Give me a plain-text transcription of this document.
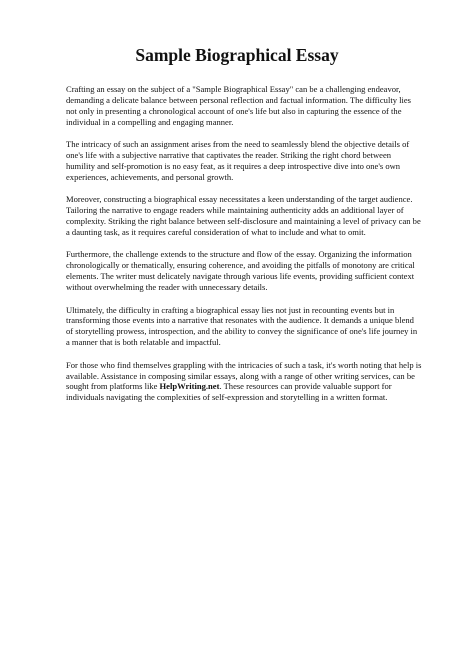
Sample Biographical Essay

Crafting an essay on the subject of a "Sample Biographical Essay" can be a challenging endeavor, demanding a delicate balance between personal reflection and factual information. The difficulty lies not only in presenting a chronological account of one's life but also in capturing the essence of the individual in a compelling and engaging manner.

The intricacy of such an assignment arises from the need to seamlessly blend the objective details of one's life with a subjective narrative that captivates the reader. Striking the right chord between humility and self-promotion is no easy feat, as it requires a deep introspective dive into one's own experiences, achievements, and personal growth.

Moreover, constructing a biographical essay necessitates a keen understanding of the target audience. Tailoring the narrative to engage readers while maintaining authenticity adds an additional layer of complexity. Striking the right balance between self-disclosure and maintaining a level of privacy can be a daunting task, as it requires careful consideration of what to include and what to omit.

Furthermore, the challenge extends to the structure and flow of the essay. Organizing the information chronologically or thematically, ensuring coherence, and avoiding the pitfalls of monotony are critical elements. The writer must delicately navigate through various life events, providing sufficient context without overwhelming the reader with unnecessary details.

Ultimately, the difficulty in crafting a biographical essay lies not just in recounting events but in transforming those events into a narrative that resonates with the audience. It demands a unique blend of storytelling prowess, introspection, and the ability to convey the significance of one's life journey in a manner that is both relatable and impactful.

For those who find themselves grappling with the intricacies of such a task, it's worth noting that help is available. Assistance in composing similar essays, along with a range of other writing services, can be sought from platforms like HelpWriting.net. These resources can provide valuable support for individuals navigating the complexities of self-expression and storytelling in a written format.
